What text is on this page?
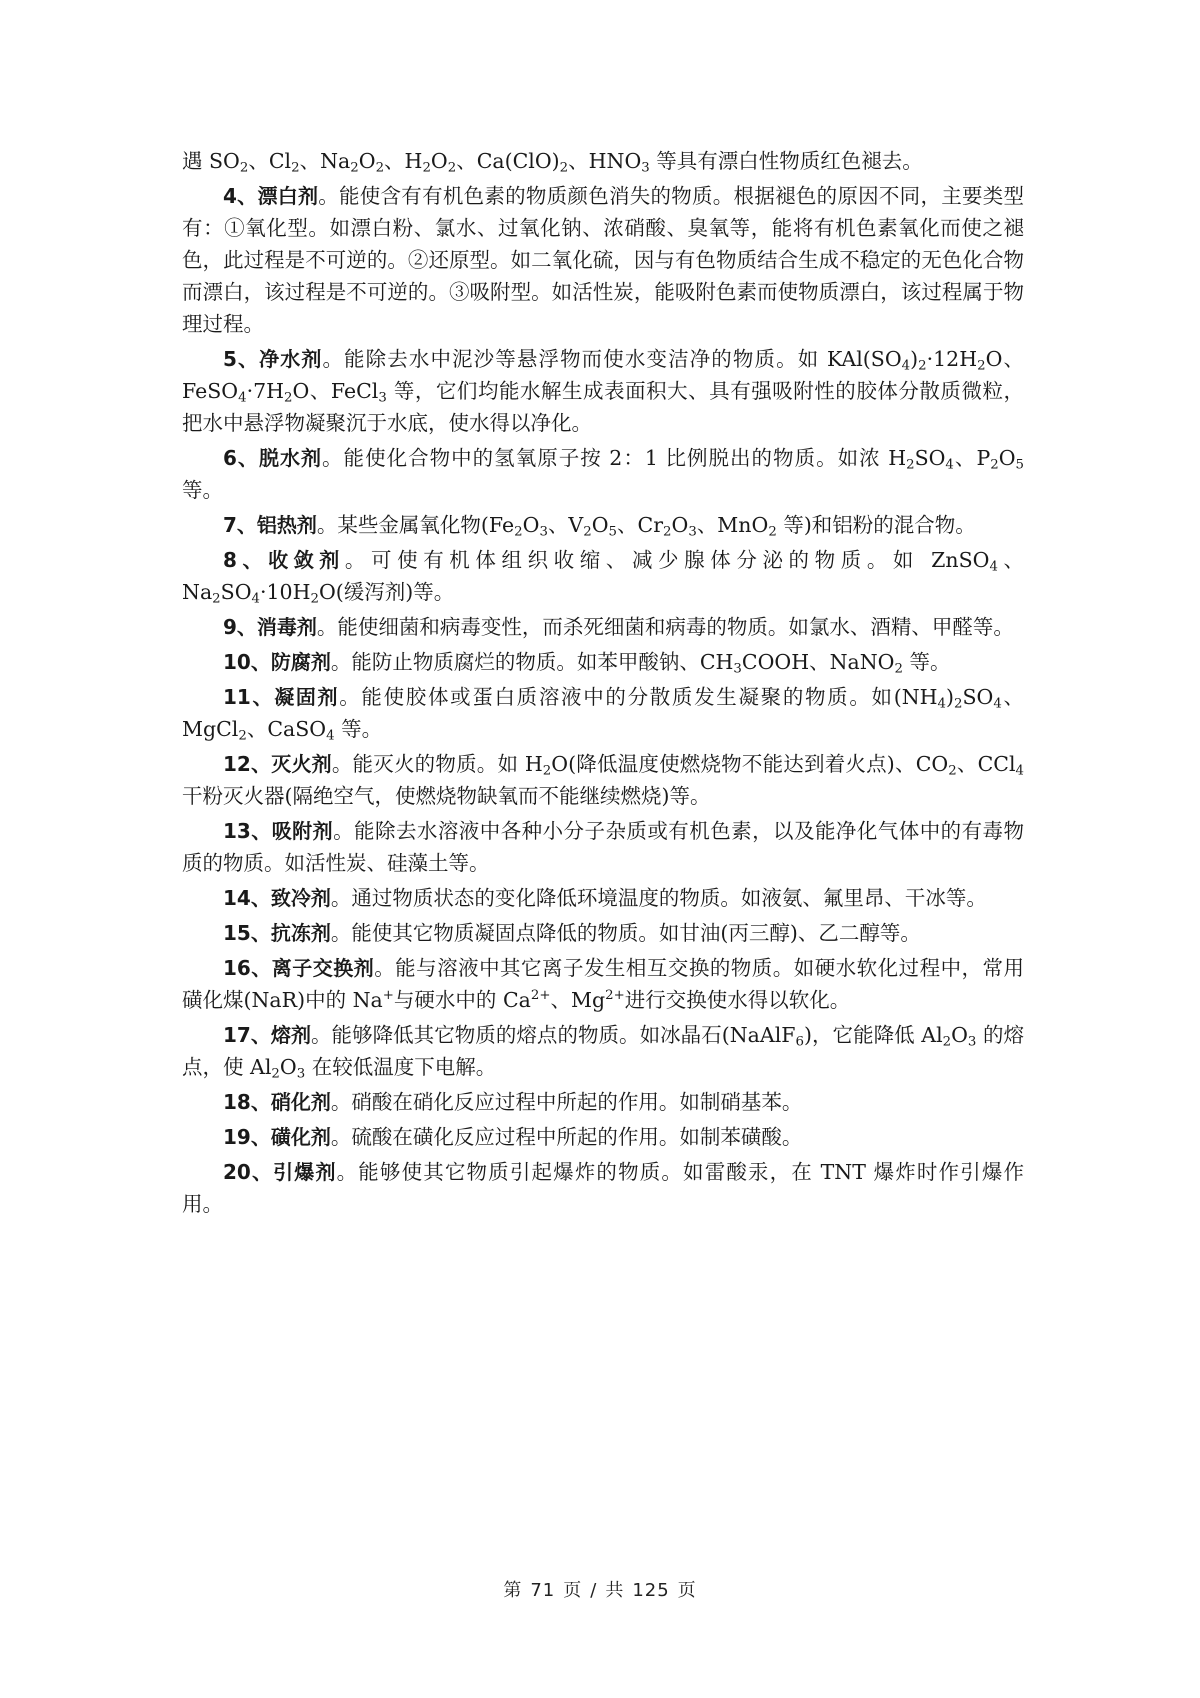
遇 $SO_2$、$Cl_2$、$Na_2O_2$、$H_2O_2$、$Ca(ClO)_2$、$HNO_3$ 等具有漂白性物质红色褪去。

4、漂白剂。能使含有有机色素的物质颜色消失的物质。根据褪色的原因不同，主要类型有：①氧化型。如漂白粉、氯水、过氧化钠、浓硝酸、臭氧等，能将有机色素氧化而使之褪色，此过程是不可逆的。②还原型。如二氧化硫，因与有色物质结合生成不稳定的无色化合物而漂白，该过程是不可逆的。③吸附型。如活性炭，能吸附色素而使物质漂白，该过程属于物理过程。

5、净水剂。能除去水中泥沙等悬浮物而使水变洁净的物质。如 $KAl(SO_4)_2\cdot 12H_2O$、$FeSO_4\cdot 7H_2O$、FeCl$_3$ 等，它们均能水解生成表面积大、具有强吸附性的胶体分散质微粒，把水中悬浮物凝聚沉于水底，使水得以净化。

6、脱水剂。能使化合物中的氢氧原子按 2：1 比例脱出的物质。如浓 $H_2SO_4$、$P_2O_5$等。

7、铝热剂。某些金属氧化物($Fe_2O_3$、$V_2O_5$、$Cr_2O_3$、MnO$_2$ 等)和铝粉的混合物。

8、收敛剂。可使有机体组织收缩、减少腺体分泌的物质。如 ZnSO$_4$、$Na_2SO_4\cdot 10H_2O$(缓泻剂)等。

9、消毒剂。能使细菌和病毒变性，而杀死细菌和病毒的物质。如氯水、酒精、甲醛等。

10、防腐剂。能防止物质腐烂的物质。如苯甲酸钠、$CH_3COOH$、NaNO$_2$ 等。

11、凝固剂。能使胶体或蛋白质溶液中的分散质发生凝聚的物质。如$(NH_4)_2SO_4$、MgCl$_2$、CaSO$_4$ 等。

12、灭火剂。能灭火的物质。如 $H_2O$(降低温度使燃烧物不能达到着火点)、$CO_2$、CCl$_4$干粉灭火器(隔绝空气，使燃烧物缺氧而不能继续燃烧)等。

13、吸附剂。能除去水溶液中各种小分子杂质或有机色素，以及能净化气体中的有毒物质的物质。如活性炭、硅藻土等。

14、致冷剂。通过物质状态的变化降低环境温度的物质。如液氨、氟里昂、干冰等。

15、抗冻剂。能使其它物质凝固点降低的物质。如甘油(丙三醇)、乙二醇等。

16、离子交换剂。能与溶液中其它离子发生相互交换的物质。如硬水软化过程中，常用磺化煤(NaR)中的 Na+与硬水中的 $Ca^{2+}$、$Mg^{2+}$进行交换使水得以软化。

17、熔剂。能够降低其它物质的熔点的物质。如冰晶石(NaAlF$_6$)，它能降低 $Al_2O_3$ 的熔点，使 $Al_2O_3$ 在较低温度下电解。

18、硝化剂。硝酸在硝化反应过程中所起的作用。如制硝基苯。

19、磺化剂。硫酸在磺化反应过程中所起的作用。如制苯磺酸。

20、引爆剂。能够使其它物质引起爆炸的物质。如雷酸汞，在 TNT 爆炸时作引爆作用。

第 71 页 / 共 125 页
